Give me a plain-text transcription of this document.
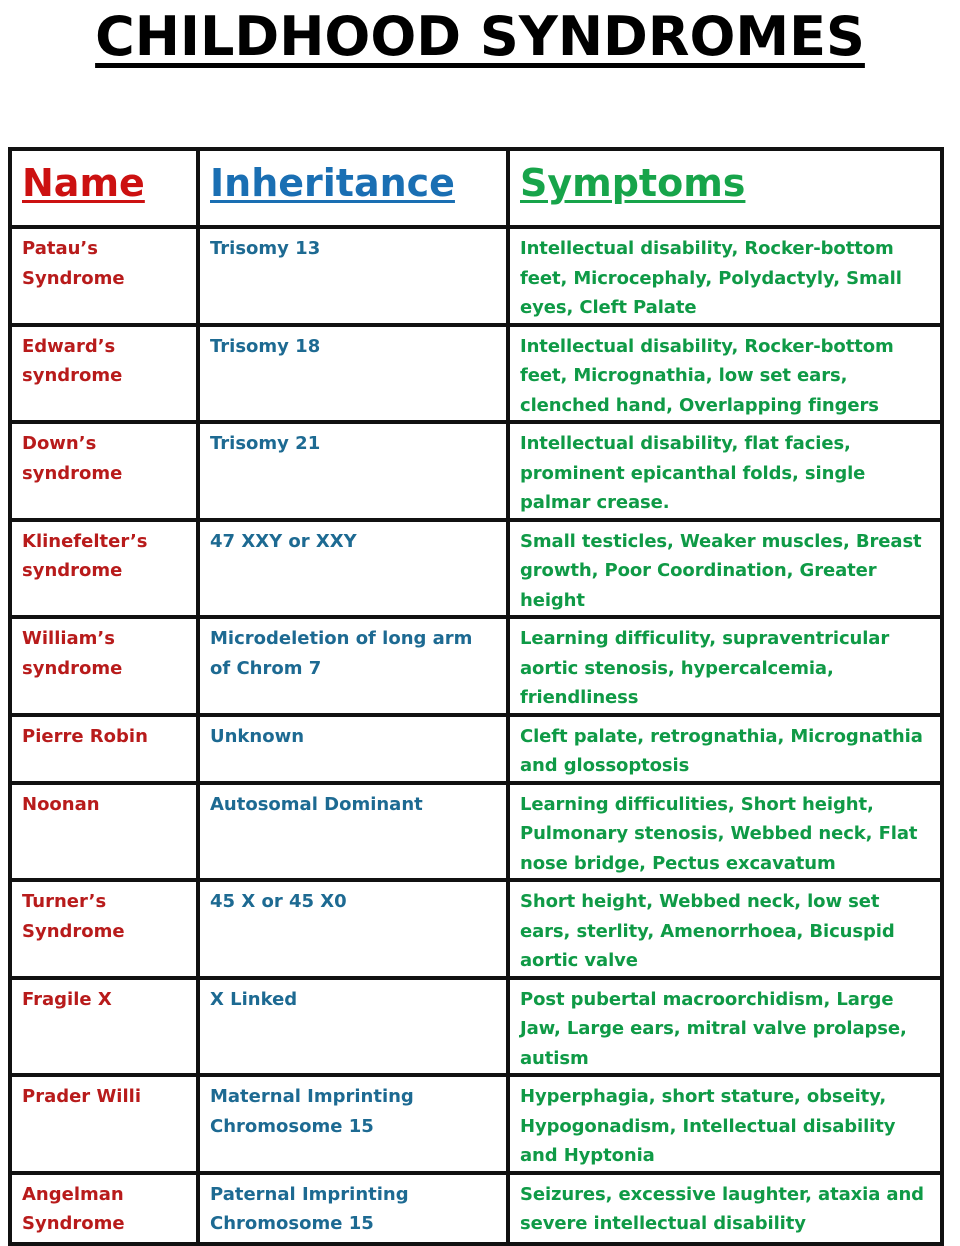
CHILDHOOD SYNDROMES
Name	Inheritance	Symptoms
Patau’s Syndrome	Trisomy 13	Intellectual disability, Rocker-bottom feet, Microcephaly, Polydactyly, Small eyes, Cleft Palate
Edward’s syndrome	Trisomy 18	Intellectual disability, Rocker-bottom feet, Micrognathia, low set ears, clenched hand, Overlapping fingers
Down’s syndrome	Trisomy 21	Intellectual disability, flat facies, prominent epicanthal folds, single palmar crease.
Klinefelter’s syndrome	47 XXY or XXY	Small testicles, Weaker muscles, Breast growth, Poor Coordination, Greater height
William’s syndrome	Microdeletion of long arm of Chrom 7	Learning difficulity, supraventricular aortic stenosis, hypercalcemia, friendliness
Pierre Robin	Unknown	Cleft palate, retrognathia, Micrognathia and glossoptosis
Noonan	Autosomal Dominant	Learning difficulities, Short height, Pulmonary stenosis, Webbed neck, Flat nose bridge, Pectus excavatum
Turner’s Syndrome	45 X or 45 X0	Short height, Webbed neck, low set ears, sterlity, Amenorrhoea, Bicuspid aortic valve
Fragile X	X Linked	Post pubertal macroorchidism, Large Jaw, Large ears, mitral valve prolapse, autism
Prader Willi	Maternal Imprinting Chromosome 15	Hyperphagia, short stature, obseity, Hypogonadism, Intellectual disability and Hyptonia
Angelman Syndrome	Paternal Imprinting Chromosome 15	Seizures, excessive laughter, ataxia and severe intellectual disability
